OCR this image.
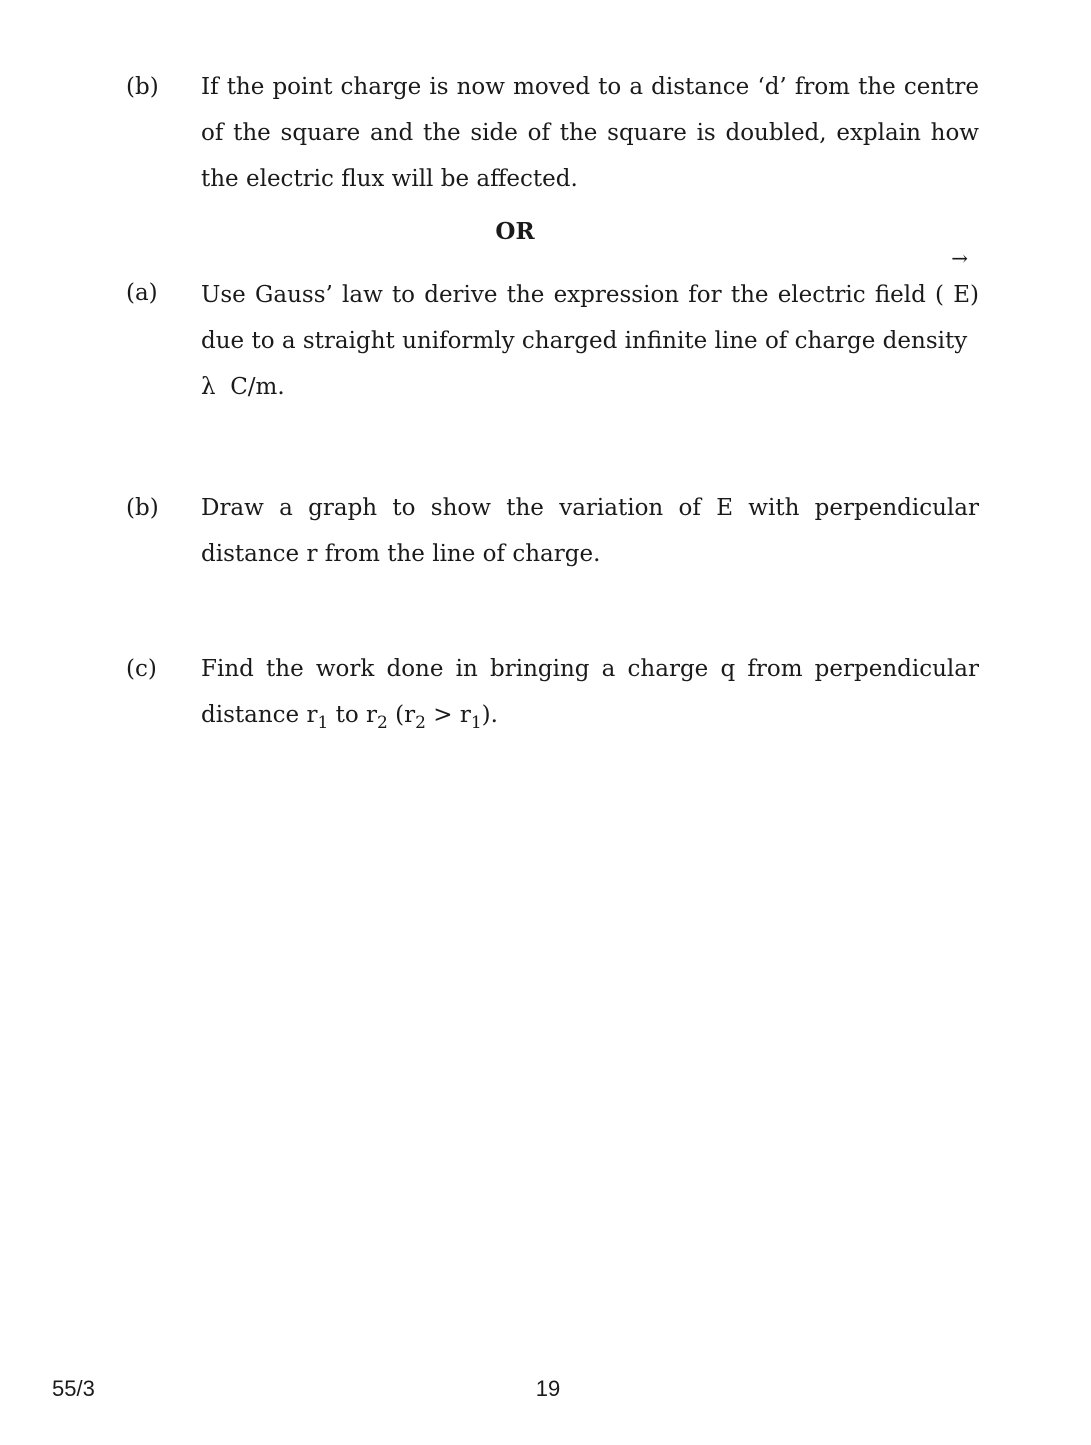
(b) If the point charge is now moved to a distance ‘d’ from the centre of the square and the side of the square is doubled, explain how the electric flux will be affected.
OR
(a) Use Gauss’ law to derive the expression for the electric field (
→
E) due to a straight uniformly charged infinite line of charge density
λ C/m.
(b) Draw a graph to show the variation of E with perpendicular distance r from the line of charge.
(c) Find the work done in bringing a charge q from perpendicular distance $r_1$ to $r_2$ $(r_2 > r_1)$.
55/3	19
